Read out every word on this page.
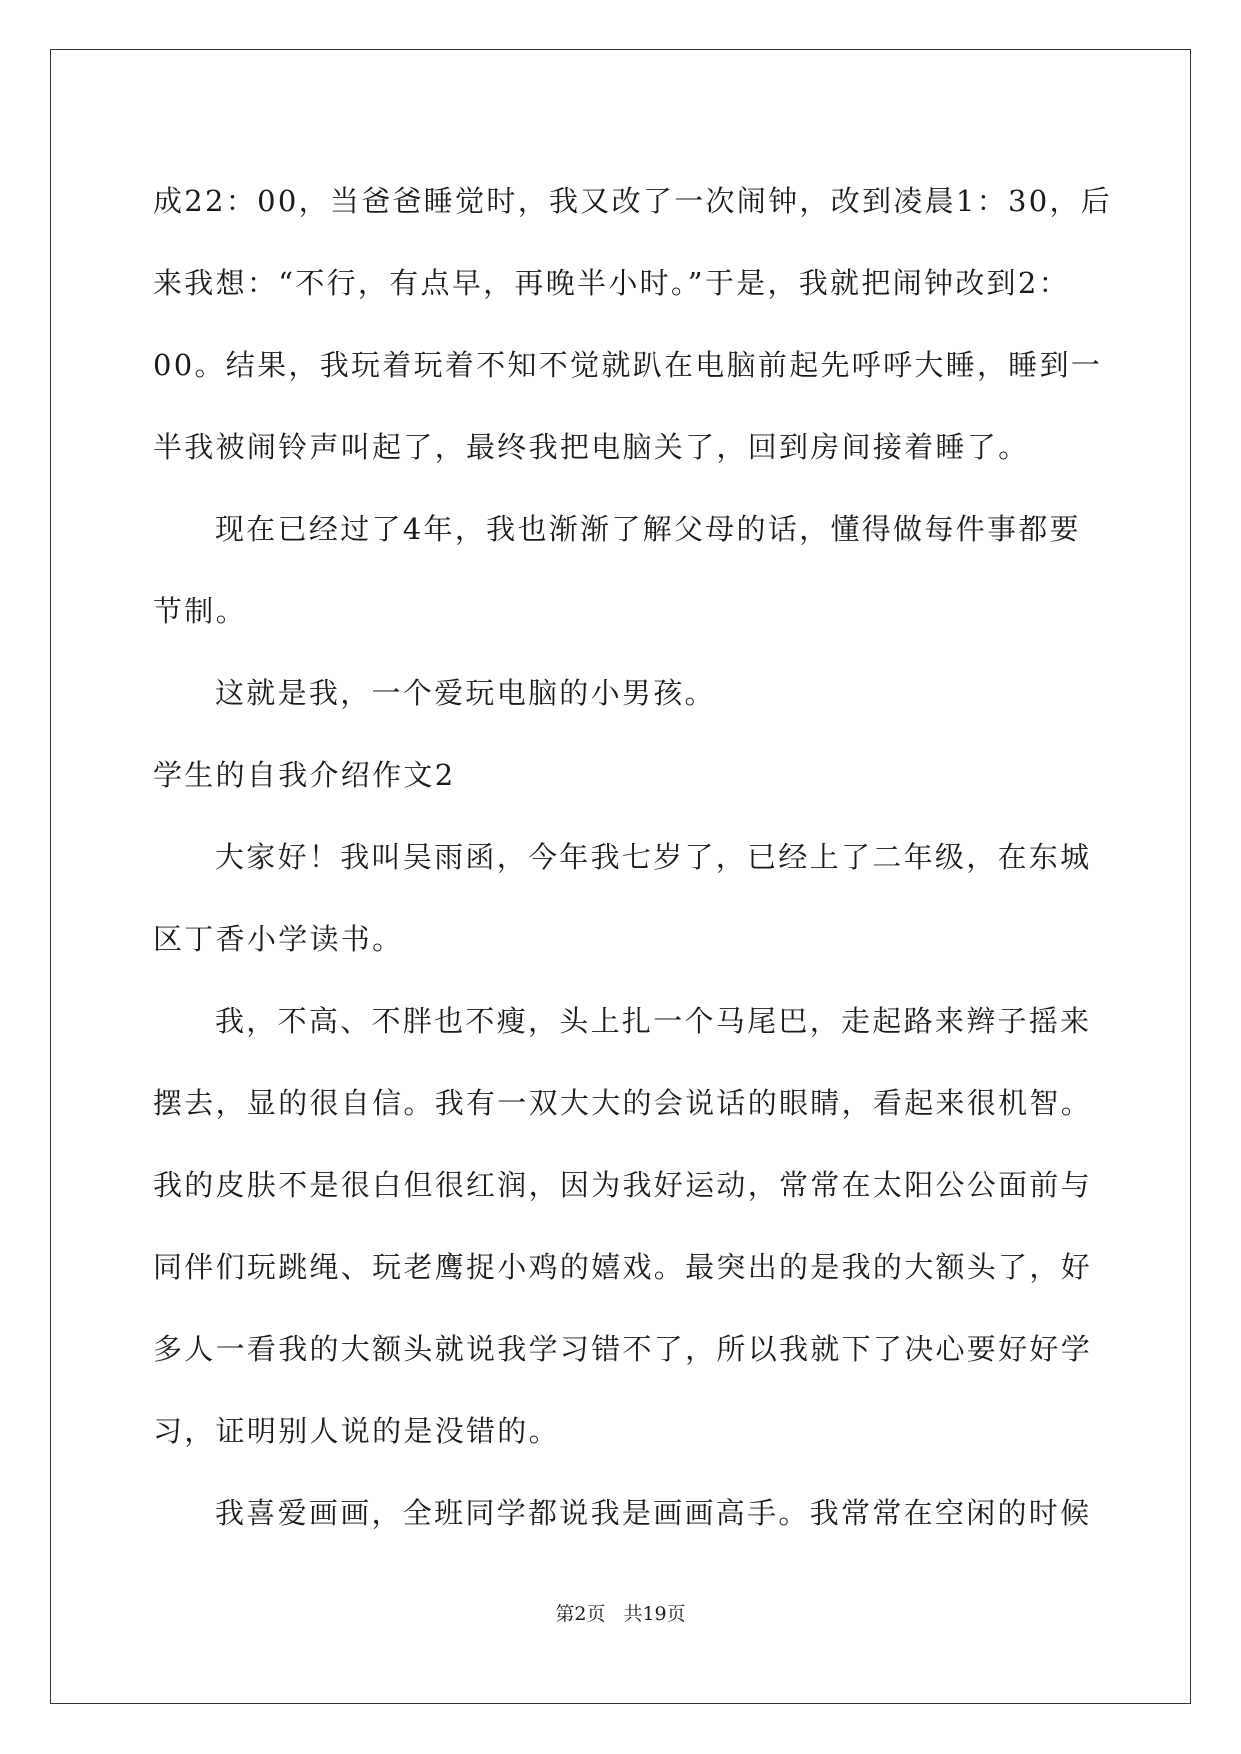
成22：00，当爸爸睡觉时，我又改了一次闹钟，改到凌晨1：30，后
来我想：“不行，有点早，再晚半小时。”于是，我就把闹钟改到2：
00。结果，我玩着玩着不知不觉就趴在电脑前起先呼呼大睡，睡到一
半我被闹铃声叫起了，最终我把电脑关了，回到房间接着睡了。
现在已经过了4年，我也渐渐了解父母的话，懂得做每件事都要
节制。
这就是我，一个爱玩电脑的小男孩。
学生的自我介绍作文2
大家好！我叫吴雨函，今年我七岁了，已经上了二年级，在东城
区丁香小学读书。
我，不高、不胖也不瘦，头上扎一个马尾巴，走起路来辫子摇来
摆去，显的很自信。我有一双大大的会说话的眼睛，看起来很机智。
我的皮肤不是很白但很红润，因为我好运动，常常在太阳公公面前与
同伴们玩跳绳、玩老鹰捉小鸡的嬉戏。最突出的是我的大额头了，好
多人一看我的大额头就说我学习错不了，所以我就下了决心要好好学
习，证明别人说的是没错的。
我喜爱画画，全班同学都说我是画画高手。我常常在空闲的时候
第2页 共19页
